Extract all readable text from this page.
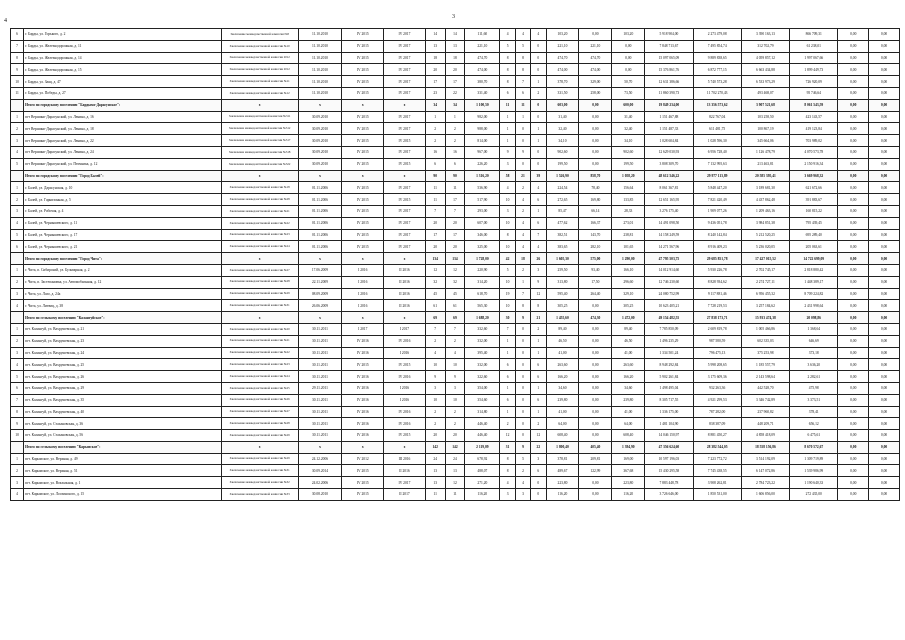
3
4
6	г. Барды, ул. Горького, д. 2	Заключение межведомственной комиссии №8	11.10.2010	IV 2015	IV 2017	14	14	111,60	4	4	4	103,20	0,00	103,20	5 918 904,00	2 273 479,08	3 390 163,13	866 709,31	0,00	0,00
7	г. Барды, ул. Железнодорожная, д. 11	Заключение межведомственной комиссии №10	11.10.2010	IV 2015	IV 2017	13	13	221,10	5	5	0	221,10	221,10	0,00	7 848 713,67	7 495 854,74	312 702,79	61 238,01	0,00	0,00
8	г. Барды, ул. Железнодорожная, д. 14	Заключение межведомственной комиссии 2012	11.10.2010	IV 2015	IV 2017	18	18	474,70	8	8	0	474,70	474,70	0,00	15 097 065,09	9 889 838,65	4 059 857,12	1 997 067,66	0,00	0,00
9	г. Барды, ул. Железнодорожная, д. 15	Заключение межведомственной комиссии 2012	11.10.2010	IV 2015	IV 2017	20	20	474,00	8	8	0	474,00	474,00	0,00	15 376 861,76	6 872 777,15	6 663 434,88	1 899 449,73	0,00	0,00
10	г. Барды, ул. Заяц, д. 47	Заключение межведомственной комиссии №11	11.10.2010	IV 2015	IV 2017	17	17	380,70	8	7	1	378,70	329,00	50,70	12 631 386,66	5 740 573,28	6 533 973,29	726 920,09	0,00	0,00
11	г. Барды, ул. Победы, д. 27	Заключение межведомственной комиссии №12	11.10.2010	IV 2015	IV 2017	23	22	331,40	6	6	2	331,50	258,00	73,50	11 860 390,73	11 702 270,43	493 468,07	95 746,64	0,00	0,00
	Итого по городскому поселению "Бардымо-Дарасунское":	x	x	x	x	34	34	1 100,50	11	11	0	603,00	0,00	600,00	19 849 234,00	13 356 573,62	3 907 521,68	8 061 543,59	0,00	0,00
1	пгт Вершино-Дарасунский, ул. Ленина, д. 16	Заключение межведомственной комиссии №311	30.09.2010	IV 2015	IV 2017	1	1	982,00	1	1	0	31,40	0,00	31,40	1 151 467,88	822 767,04	103 258,50	423 143,57	0,00	0,00
2	пгт Вершино-Дарасунский, ул. Ленина, д. 18	Заключение межведомственной комиссии №312	30.09.2010	IV 2015	IV 2017	2	2	988,00	1	0	1	32,40	0,00	32,40	1 151 487,33	611 481,75	100 867,19	419 123,84	0,00	0,00
3	пгт Вершино-Дарасунский, ул. Ленина, д. 22	Заключение межведомственной комиссии №317	30.09.2010	IV 2015	IV 2015	2	2	814,00	1	0	1	34,10	0,00	34,10	1 028 604,84	1 028 596,30	345 664,06	703 989,02	0,00	0,00
4	пгт Вершино-Дарасунский, ул. Ленина, д. 24	Заключение межведомственной комиссии №318	30.09.2010	IV 2015	IV 2017	16	16	967,00	9	9	0	902,60	0,00	902,60	12 629 030,93	6 956 728,40	1 126 478,79	4 070 573,78	0,00	0,00
5	пгт Вершино-Дарасунский, ул. Птичника, д. 12	Заключение межведомственной комиссии №322	30.09.2010	IV 2015	IV 2015	6	6	226,20	3	0	0	199,50	0,00	199,50	3 808 309,70	7 132 995,63	213 463,81	2 150 916,34	0,00	0,00
	Итого по городскому поселению "Город Балей":	x	x	x	x	90	90	1 316,20	58	21	39	1 526,90	858,70	1 058,20	48 612 546,22	29 977 113,89	20 585 395,41	3 669 968,32	0,00	0,00
1	г. Балей, ул. Дарасунская, д. 10	Заключение межведомственной комиссии №18	01.11.2006	IV 2015	IV 2017	11	11	536,90	4	2	4	224,54	78,40	156,64	8 061 367,81	5 848 447,20	3 189 681,30	621 672,66	0,00	0,00
2	г. Балей, ул. Гарнизонная, д. 5	Заключение межведомственной комиссии №28	01.11.2006	IV 2015	IV 2015	11	17	517,90	10	4	6	272,65	169,80	133,85	12 651 165,95	7 821 420,49	4 437 862,48	391 883,67	0,00	0,00
3	г. Балей, ул. Рабочая, д. 4	Заключение межведомственной комиссии №21	01.11.2006	IV 2015	IV 2017	7	7	293,00	3	2	1	85,47	66,14	28,33	3 276 175,40	1 909 077,26	1 209 463,16	160 815,22	0,00	0,00
4	г. Балей, ул. Чернышевского, д. 11	Заключение межведомственной комиссии №22	01.11.2006	IV 2015	IV 2017	20	20	607,00	10	4	6	477,62	166,37	273,01	14 491 098,50	9 436 051,78	3 984 851,38	795 439,45	0,00	0,00
5	г. Балей, ул. Чернышевского, д. 17	Заключение межведомственной комиссии №23	01.11.2006	IV 2015	IV 2017	17	17	346,00	8	4	7	382,51	143,70	238,81	14 158 249,59	8 240 142,84	5 212 520,25	695 289,40	0,00	0,00
6	г. Балей, ул. Чернышевского, д. 21	Заключение межведомственной комиссии №24	01.11.2006	IV 2015	IV 2017	20	20	325,00	10	4	4	383,65	282,10	101,65	14 271 567,96	8 916 409,23	5 236 020,05	205 063,61	0,00	0,00
	Итого по городскому поселению "Город Чита":	x	x	x	x	134	134	1 728,00	42	18	26	1 605,30	575,00	1 290,00	47 795 503,75	29 685 851,78	17 427 015,52	14 722 699,09	0,00	0,00
1	г. Чита, п. Сибирский, ул. Бульварная, д. 2	Заключение межведомственной комиссии №27	17.06.2009	I 2016	II 2016	12	12	220,90	5	2	3	259,50	93,40	166,10	14 012 914,60	5 930 226,78	2 702 745,17	2 818 880,42	0,00	0,00
2	г. Чита, п. Застепановка, ул. Автомобильная, д. 12	Заключение межведомственной комиссии №28	22.11.2009	I 2016	II 2016	32	32	314,20	10	1	9	313,80	17,50	296,60	12 746 230,60	8 828 934,62	2 274 727,11	1 448 389,17	0,00	0,00
3	г. Чита, ул. Лазо, д. 24а	Заключение межведомственной комиссии №29	08.09.2009	I 2016	II 2016	45	45	618,70	19	7	12	595,40	264,40	329,10	24 080 752,99	9 117 881,46	6 956 455,32	8 709 224,82	0,00	0,00
4	г. Чита, ул. Литвиц, д. 38	Заключение межведомственной комиссии №31	26.06.2009	I 2016	II 2016	61	61	565,30	10	8	8	305,25	0,00	305,25	10 623 405,21	7 728 219,53	3 257 184,62	2 431 998,64	0,00	0,00
	Итого по сельскому поселению "Калангуйское":	x	x	x	x	69	69	1 688,20	30	9	21	1 455,60	474,30	1 472,00	49 154 482,55	27 838 173,71	15 933 474,38	20 098,86	0,00	0,00
1	пгт. Калангуй, ул. Вахрушевская, д. 21	Заключение межведомственной комиссии №20	30.11.2011	I 2017	I 2017	7	7	332,60	7	0	2	89,40	0,00	89,40	7 785 850,09	2 609 819,78	1 005 466,86	1 368,64	0,00	0,00
2	пгт. Калангуй, ул. Вахрушевская, д. 23	Заключение межведомственной комиссии №21	30.11.2011	IV 2016	IV 2016	2	2	332,00	1	0	1	46,50	0,00	46,50	1 496 235,29	987 580,59	602 335,03	646,69	0,00	0,00
3	пгт. Калангуй, ул. Вахрушевская, д. 24	Заключение межведомственной комиссии №22	30.11.2011	IV 2016	I 2016	4	4	395,40	1	0	1	41,00	0,00	41,00	1 334 501,24	796 475,13	375 253,98	373,18	0,00	0,00
4	пгт. Калангуй, ул. Вахрушевская, д. 25	Заключение межведомственной комиссии №23	30.11.2011	IV 2015	IV 2015	10	10	332,00	6	0	6	263,60	0,00	263,60	8 948 292,84	5 998 208,65	1 185 557,79	3 636,20	0,00	0,00
5	пгт. Калангуй, ул. Вахрушевская, д. 26	Заключение межведомственной комиссии №24	30.11.2011	IV 2016	IV 2016	9	9	322,60	6	0	6	166,20	0,00	166,20	5 902 261,84	3 175 609,36	2 143 598,64	2 282,61	0,00	0,00
6	пгт. Калангуй, ул. Вахрушевская, д. 29	Заключение межведомственной комиссии №25	29.11.2011	IV 2016	I 2016	3	3	354,00	1	0	1	34,60	0,00	34,60	1 498 495,04	932 263,36	442 528,70	475,98	0,00	0,00
7	пгт. Калангуй, ул. Вахрушевская, д. 35	Заключение межведомственной комиссии №26	30.11.2011	IV 2016	I 2016	10	10	354,60	6	0	6	239,80	0,00	239,80	8 305 717,55	4 921 299,53	3 346 742,89	3 373,51	0,00	0,00
8	пгт. Калангуй, ул. Вахрушевская, д. 40	Заключение межведомственной комиссии №27	30.11.2011	IV 2016	IV 2016	2	2	314,80	1	0	1	41,00	0,00	41,00	1 336 175,00	787 282,00	237 960,82	378,41	0,00	0,00
9	пгт. Калангуй, ул. Стахановская, д. 36	Заключение межведомственной комиссии №28	30.11.2011	IV 2016	IV 2016	2	2	446,40	2	0	2	64,00	0,00	64,00	1 481 104,90	838 387,09	448 209,71	656,12	0,00	0,00
10	пгт. Калангуй, ул. Стахановская, д. 56	Заключение межведомственной комиссии №29	30.11.2011	IV 2016	IV 2015	20	20	446,40	12	0	12	608,40	0,00	608,40	14 046 150,97	8 881 450,27	4 858 418,09	6 475,61	0,00	0,00
	Итого по сельскому поселению "Карымское":	x	x	x	x	142	142	2 119,09	31	9	22	1 800,40	405,40	1 394,90	47 356 624,60	28 382 544,05	18 558 156,86	8 670 572,67	0,00	0,00
1	пгт. Карымское, ул. Верхняя, д. 49	Заключение межведомственной комиссии №29	24.12.2006	IV 2012	III 2016	24	24	678,92	8	5	3	378,81	209,81	169,00	10 597 196,03	7 223 772,72	3 514 192,09	1 309 719,89	0,00	0,00
2	пгт. Карымское, ул. Верхняя, д. 51	Заключение межведомственной комиссии №31	30.09.2014	IV 2015	II 2016	13	13	488,07	8	2	6	489,67	122,99	367,68	15 430 295,58	7 745 438,55	6 147 072,86	1 539 986,99	0,00	0,00
3	пгт. Карымское, ул. Вокзальная, д. 1	Заключение межведомственной комиссии №32	24.02.2006	IV 2015	IV 2017	13	12	271,20	4	4	0	223,80	0,00	223,80	7 883 448,78	3 908 262,81	2 784 723,22	1 190 640,33	0,00	0,00
4	пгт. Карымское, ул. Лоозинского, д. 15	Заключение межведомственной комиссии №33	30.08.2010	IV 2015	II 2017	11	11	116,20	3	3	0	116,20	0,00	116,20	3 726 646,00	1 850 531,00	1 606 856,00	272 435,00	0,00	0,00
